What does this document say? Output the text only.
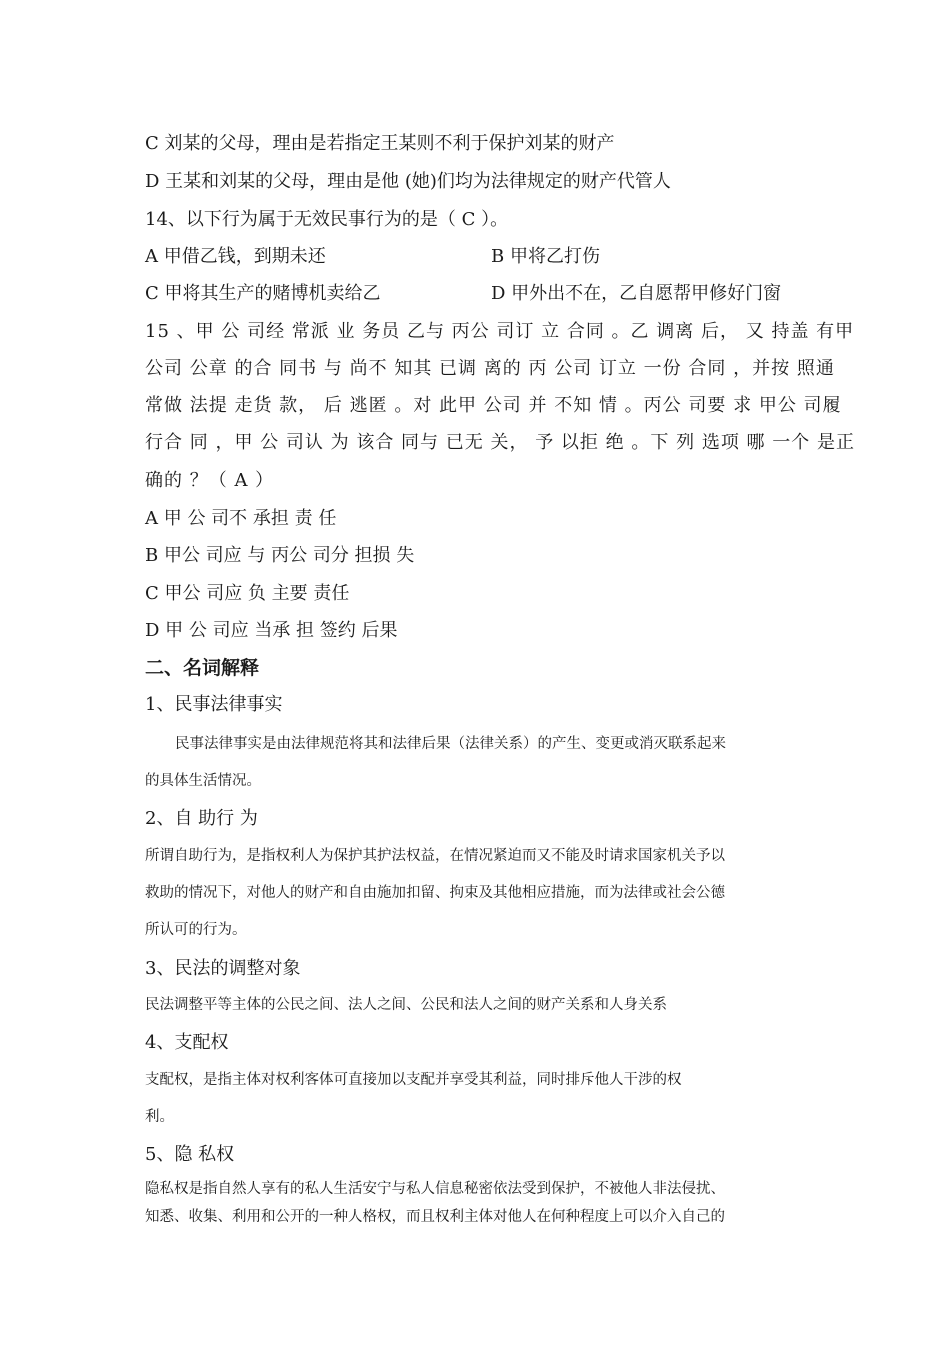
C 刘某的父母，理由是若指定王某则不利于保护刘某的财产
D 王某和刘某的父母，理由是他 (她)们均为法律规定的财产代管人
14、以下行为属于无效民事行为的是（ C ）。
A 甲借乙钱，到期未还	B 甲将乙打伤
C 甲将其生产的赌博机卖给乙	D 甲外出不在，乙自愿帮甲修好门窗
15 、甲 公 司经 常派 业 务员 乙与 丙公 司订 立 合同 。乙 调离 后， 又 持盖 有甲
公司 公章 的合 同书 与 尚不 知其 已调 离的 丙 公司 订立 一份 合同 ，并按 照通
常做 法提 走货 款， 后 逃匿 。对 此甲 公司 并 不知 情 。丙公 司要 求 甲公 司履
行合 同 ，甲 公 司认 为 该合 同与 已无 关， 予 以拒 绝 。下 列 选项 哪 一个 是正
确的 ？（ A ）
A 甲 公 司不 承担 责 任
B 甲公 司应 与 丙公 司分 担损 失
C 甲公 司应 负 主要 责任
D 甲 公 司应 当承 担 签约 后果
二、名词解释
1、民事法律事实
民事法律事实是由法律规范将其和法律后果（法律关系）的产生、变更或消灭联系起来
的具体生活情况。
2、自 助行 为
所谓自助行为，是指权利人为保护其护法权益，在情况紧迫而又不能及时请求国家机关予以
救助的情况下，对他人的财产和自由施加扣留、拘束及其他相应措施，而为法律或社会公德
所认可的行为。
3、民法的调整对象
民法调整平等主体的公民之间、法人之间、公民和法人之间的财产关系和人身关系
4、支配权
支配权，是指主体对权利客体可直接加以支配并享受其利益，同时排斥他人干涉的权
利。
5、隐 私权
隐私权是指自然人享有的私人生活安宁与私人信息秘密依法受到保护，不被他人非法侵扰、
知悉、收集、利用和公开的一种人格权，而且权利主体对他人在何种程度上可以介入自己的
